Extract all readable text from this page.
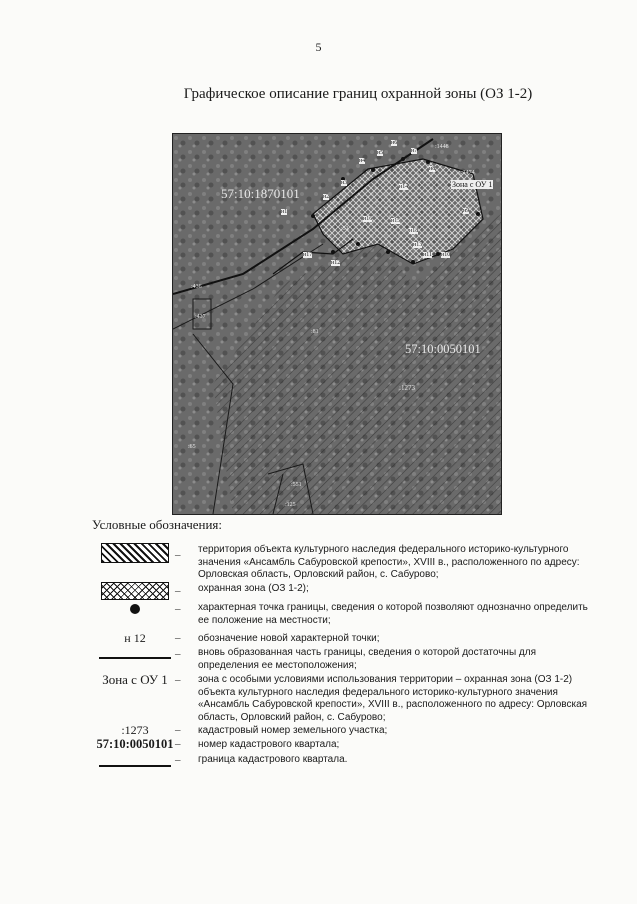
5
Графическое описание границ охранной зоны (ОЗ 1-2)
57:10:1870101
57:10:0050101
Зона с ОУ 1
:1273
:1448
:1474
:436
:437
:51
:65
:81
:551
:125
н1
н2
н3
н4
н5
н6
н7
н8
н9
н10
н11
н12
н13
н14
н15
н16
н17
н18
Условные обозначения:
– территория объекта культурного наследия федерального историко-культурного значения «Ансамбль Сабуровской крепости», XVIII в., расположенного по адресу: Орловская область, Орловский район, с. Сабурово;
– охранная зона (ОЗ 1-2);
– характерная точка границы, сведения о которой позволяют однозначно определить ее положение на местности;
н 12	– обозначение новой характерной точки;
– вновь образованная часть границы, сведения о которой достаточны для определения ее местоположения;
Зона с ОУ 1 – зона с особыми условиями использования территории – охранная зона (ОЗ 1-2) объекта культурного наследия федерального историко-культурного значения «Ансамбль Сабуровской крепости», XVIII в., расположенного по адресу: Орловская область, Орловский район, с. Сабурово;
:1273	– кадастровый номер земельного участка;
57:10:0050101 – номер кадастрового квартала;
– граница кадастрового квартала.
